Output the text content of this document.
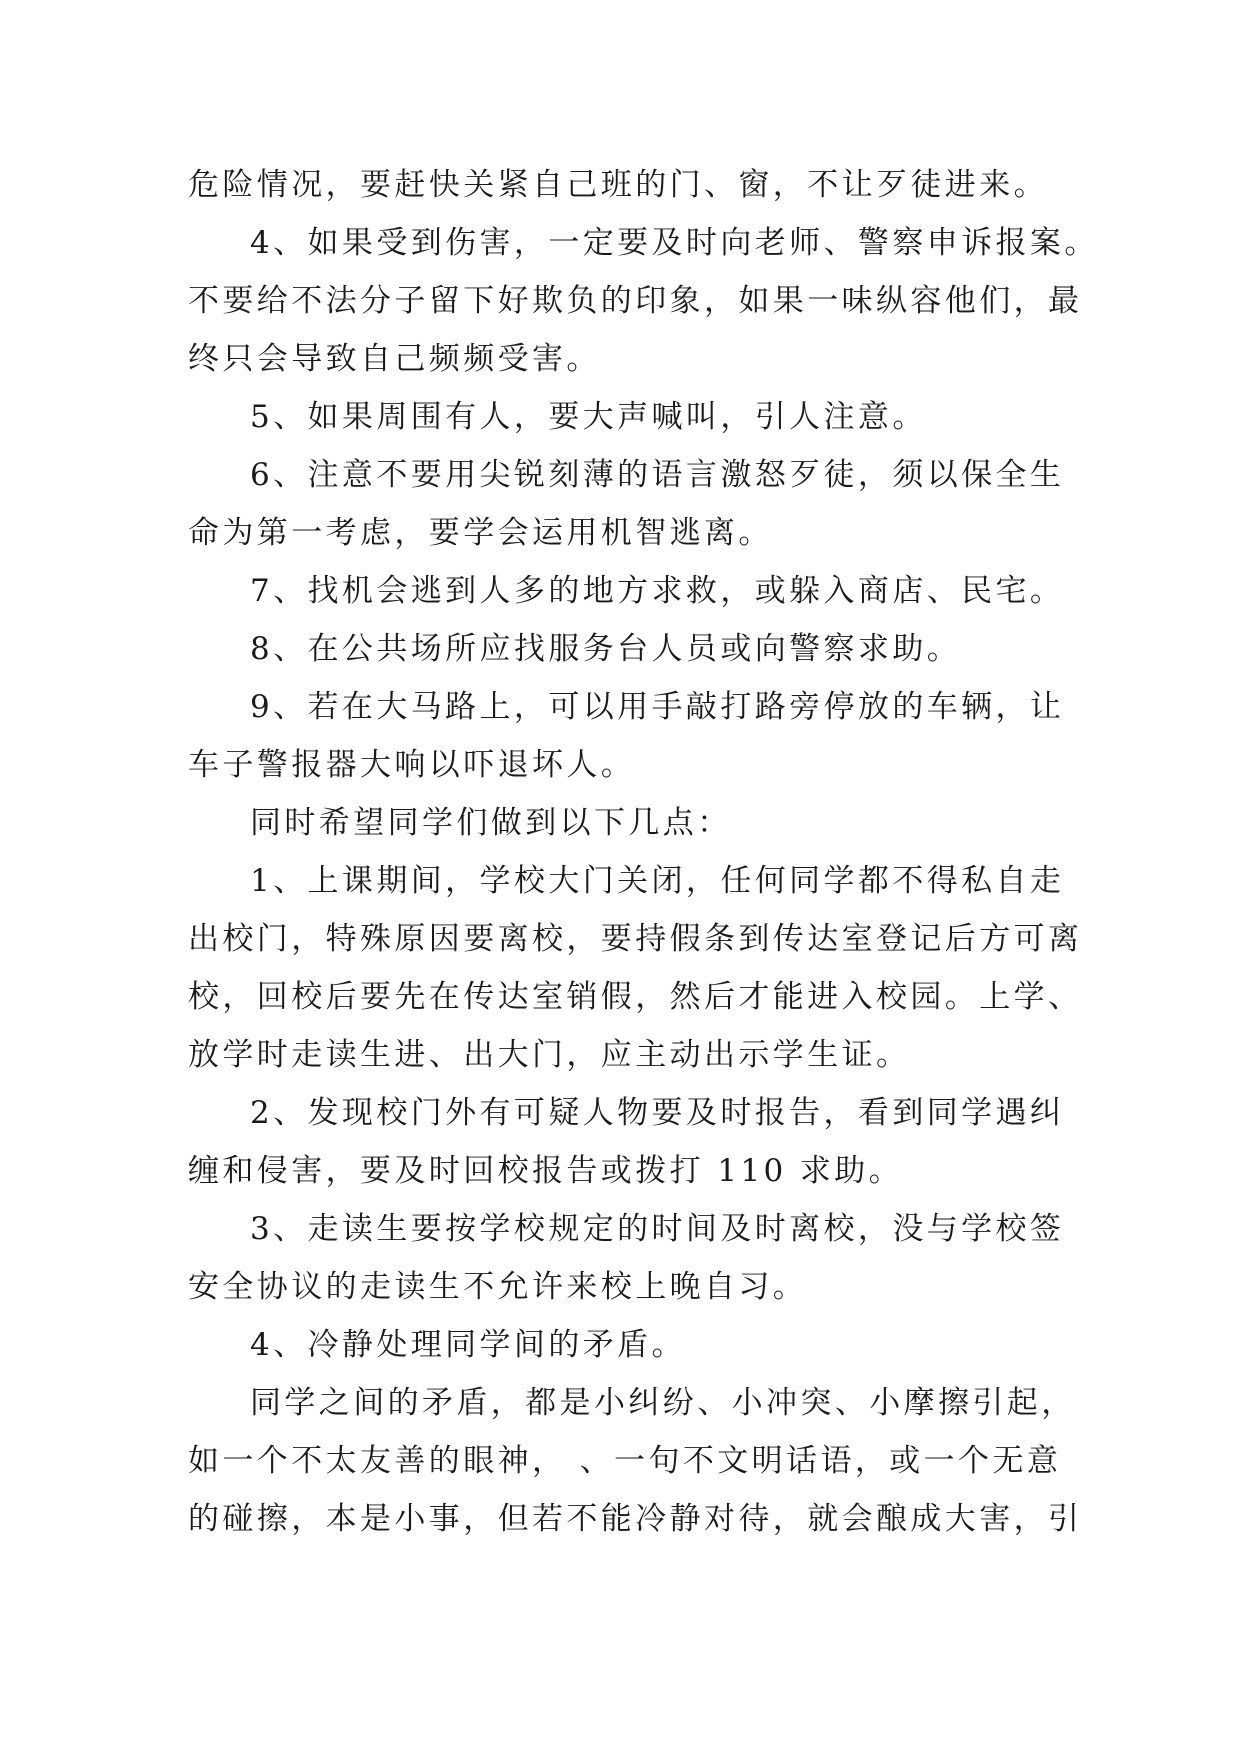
危险情况，要赶快关紧自己班的门、窗，不让歹徒进来。

4、如果受到伤害，一定要及时向老师、警察申诉报案。

不要给不法分子留下好欺负的印象，如果一味纵容他们，最

终只会导致自己频频受害。

5、如果周围有人，要大声喊叫，引人注意。

6、注意不要用尖锐刻薄的语言激怒歹徒，须以保全生

命为第一考虑，要学会运用机智逃离。

7、找机会逃到人多的地方求救，或躲入商店、民宅。

8、在公共场所应找服务台人员或向警察求助。

9、若在大马路上，可以用手敲打路旁停放的车辆，让

车子警报器大响以吓退坏人。

同时希望同学们做到以下几点：

1、上课期间，学校大门关闭，任何同学都不得私自走

出校门，特殊原因要离校，要持假条到传达室登记后方可离

校，回校后要先在传达室销假，然后才能进入校园。上学、

放学时走读生进、出大门，应主动出示学生证。

2、发现校门外有可疑人物要及时报告，看到同学遇纠

缠和侵害，要及时回校报告或拨打 110 求助。

3、走读生要按学校规定的时间及时离校，没与学校签

安全协议的走读生不允许来校上晚自习。

4、冷静处理同学间的矛盾。

同学之间的矛盾，都是小纠纷、小冲突、小摩擦引起，

如一个不太友善的眼神， 、一句不文明话语，或一个无意

的碰擦，本是小事，但若不能冷静对待，就会酿成大害，引
